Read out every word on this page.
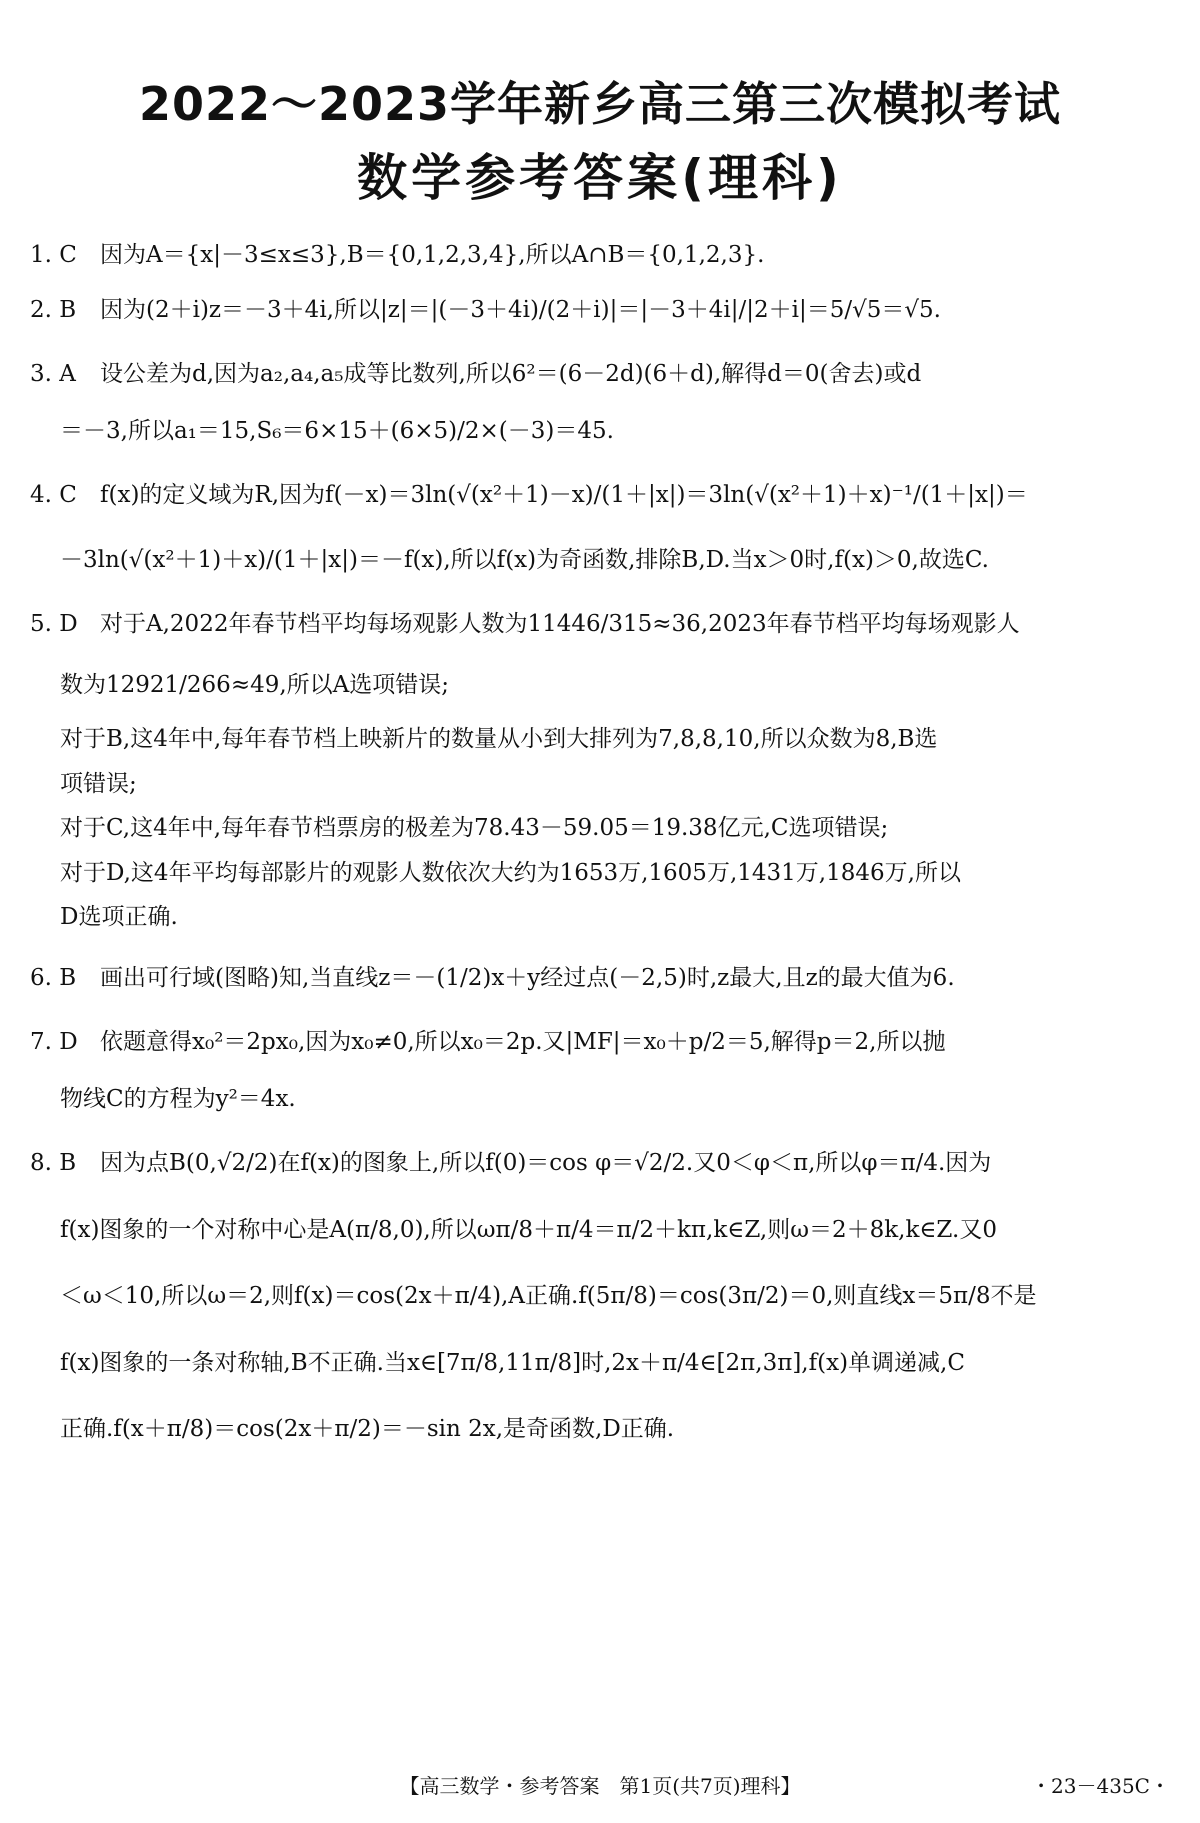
2022～2023学年新乡高三第三次模拟考试
数学参考答案(理科)
1. C 因为A＝{x|－3≤x≤3},B＝{0,1,2,3,4},所以A∩B＝{0,1,2,3}.
2. B 因为(2＋i)z＝－3＋4i,所以|z|＝|(－3＋4i)/(2＋i)|＝|－3＋4i|/|2＋i|＝5/√5＝√5.

3. A 设公差为d,因为a₂,a₄,a₅成等比数列,所以6²＝(6－2d)(6＋d),解得d＝0(舍去)或d

＝－3,所以a₁＝15,S₆＝6×15＋(6×5)/2×(－3)＝45.

4. C f(x)的定义域为R,因为f(－x)＝3ln(√(x²＋1)－x)/(1＋|x|)＝3ln(√(x²＋1)＋x)⁻¹/(1＋|x|)＝

－3ln(√(x²＋1)＋x)/(1＋|x|)＝－f(x),所以f(x)为奇函数,排除B,D.当x＞0时,f(x)＞0,故选C.

5. D 对于A,2022年春节档平均每场观影人数为11446/315≈36,2023年春节档平均每场观影人

数为12921/266≈49,所以A选项错误;

对于B,这4年中,每年春节档上映新片的数量从小到大排列为7,8,8,10,所以众数为8,B选

项错误;

对于C,这4年中,每年春节档票房的极差为78.43－59.05＝19.38亿元,C选项错误;

对于D,这4年平均每部影片的观影人数依次大约为1653万,1605万,1431万,1846万,所以

D选项正确.

6. B 画出可行域(图略)知,当直线z＝－(1/2)x＋y经过点(－2,5)时,z最大,且z的最大值为6.

7. D 依题意得x₀²＝2px₀,因为x₀≠0,所以x₀＝2p.又|MF|＝x₀＋p/2＝5,解得p＝2,所以抛

物线C的方程为y²＝4x.

8. B 因为点B(0,√2/2)在f(x)的图象上,所以f(0)＝cos φ＝√2/2.又0＜φ＜π,所以φ＝π/4.因为

f(x)图象的一个对称中心是A(π/8,0),所以ωπ/8＋π/4＝π/2＋kπ,k∈Z,则ω＝2＋8k,k∈Z.又0

＜ω＜10,所以ω＝2,则f(x)＝cos(2x＋π/4),A正确.f(5π/8)＝cos(3π/2)＝0,则直线x＝5π/8不是

f(x)图象的一条对称轴,B不正确.当x∈[7π/8,11π/8]时,2x＋π/4∈[2π,3π],f(x)单调递减,C

正确.f(x＋π/8)＝cos(2x＋π/2)＝－sin 2x,是奇函数,D正确.

【高三数学・参考答案　第1页(共7页)理科】	・23－435C・
